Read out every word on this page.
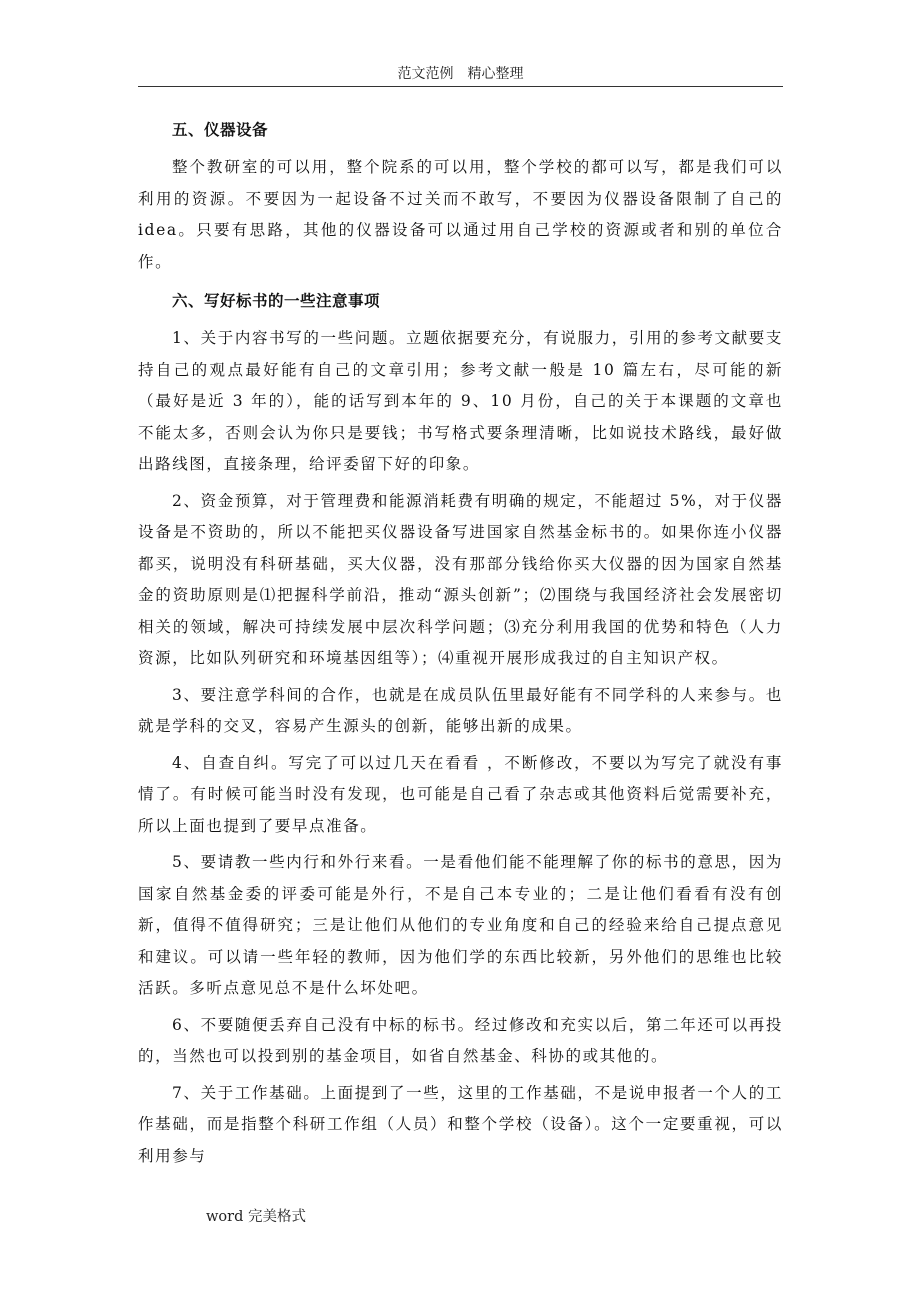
范文范例　精心整理

五、仪器设备

整个教研室的可以用，整个院系的可以用，整个学校的都可以写，都是我们可以利用的资源。不要因为一起设备不过关而不敢写，不要因为仪器设备限制了自己的 idea。只要有思路，其他的仪器设备可以通过用自己学校的资源或者和别的单位合作。

六、写好标书的一些注意事项

1、关于内容书写的一些问题。立题依据要充分，有说服力，引用的参考文献要支持自己的观点最好能有自己的文章引用；参考文献一般是 10 篇左右，尽可能的新（最好是近 3 年的），能的话写到本年的 9、10 月份，自己的关于本课题的文章也不能太多，否则会认为你只是要钱；书写格式要条理清晰，比如说技术路线，最好做出路线图，直接条理，给评委留下好的印象。

2、资金预算，对于管理费和能源消耗费有明确的规定，不能超过 5%，对于仪器设备是不资助的，所以不能把买仪器设备写进国家自然基金标书的。如果你连小仪器都买，说明没有科研基础，买大仪器，没有那部分钱给你买大仪器的因为国家自然基金的资助原则是⑴把握科学前沿，推动“源头创新”；⑵围绕与我国经济社会发展密切相关的领域，解决可持续发展中层次科学问题；⑶充分利用我国的优势和特色（人力资源，比如队列研究和环境基因组等）；⑷重视开展形成我过的自主知识产权。

3、要注意学科间的合作，也就是在成员队伍里最好能有不同学科的人来参与。也就是学科的交叉，容易产生源头的创新，能够出新的成果。

4、自查自纠。写完了可以过几天在看看 ，不断修改，不要以为写完了就没有事情了。有时候可能当时没有发现，也可能是自己看了杂志或其他资料后觉需要补充，所以上面也提到了要早点准备。

5、要请教一些内行和外行来看。一是看他们能不能理解了你的标书的意思，因为国家自然基金委的评委可能是外行，不是自己本专业的；二是让他们看看有没有创新，值得不值得研究；三是让他们从他们的专业角度和自己的经验来给自己提点意见和建议。可以请一些年轻的教师，因为他们学的东西比较新，另外他们的思维也比较活跃。多听点意见总不是什么坏处吧。

6、不要随便丢弃自己没有中标的标书。经过修改和充实以后，第二年还可以再投的，当然也可以投到别的基金项目，如省自然基金、科协的或其他的。

7、关于工作基础。上面提到了一些，这里的工作基础，不是说申报者一个人的工作基础，而是指整个科研工作组（人员）和整个学校（设备）。这个一定要重视，可以利用参与

word 完美格式
